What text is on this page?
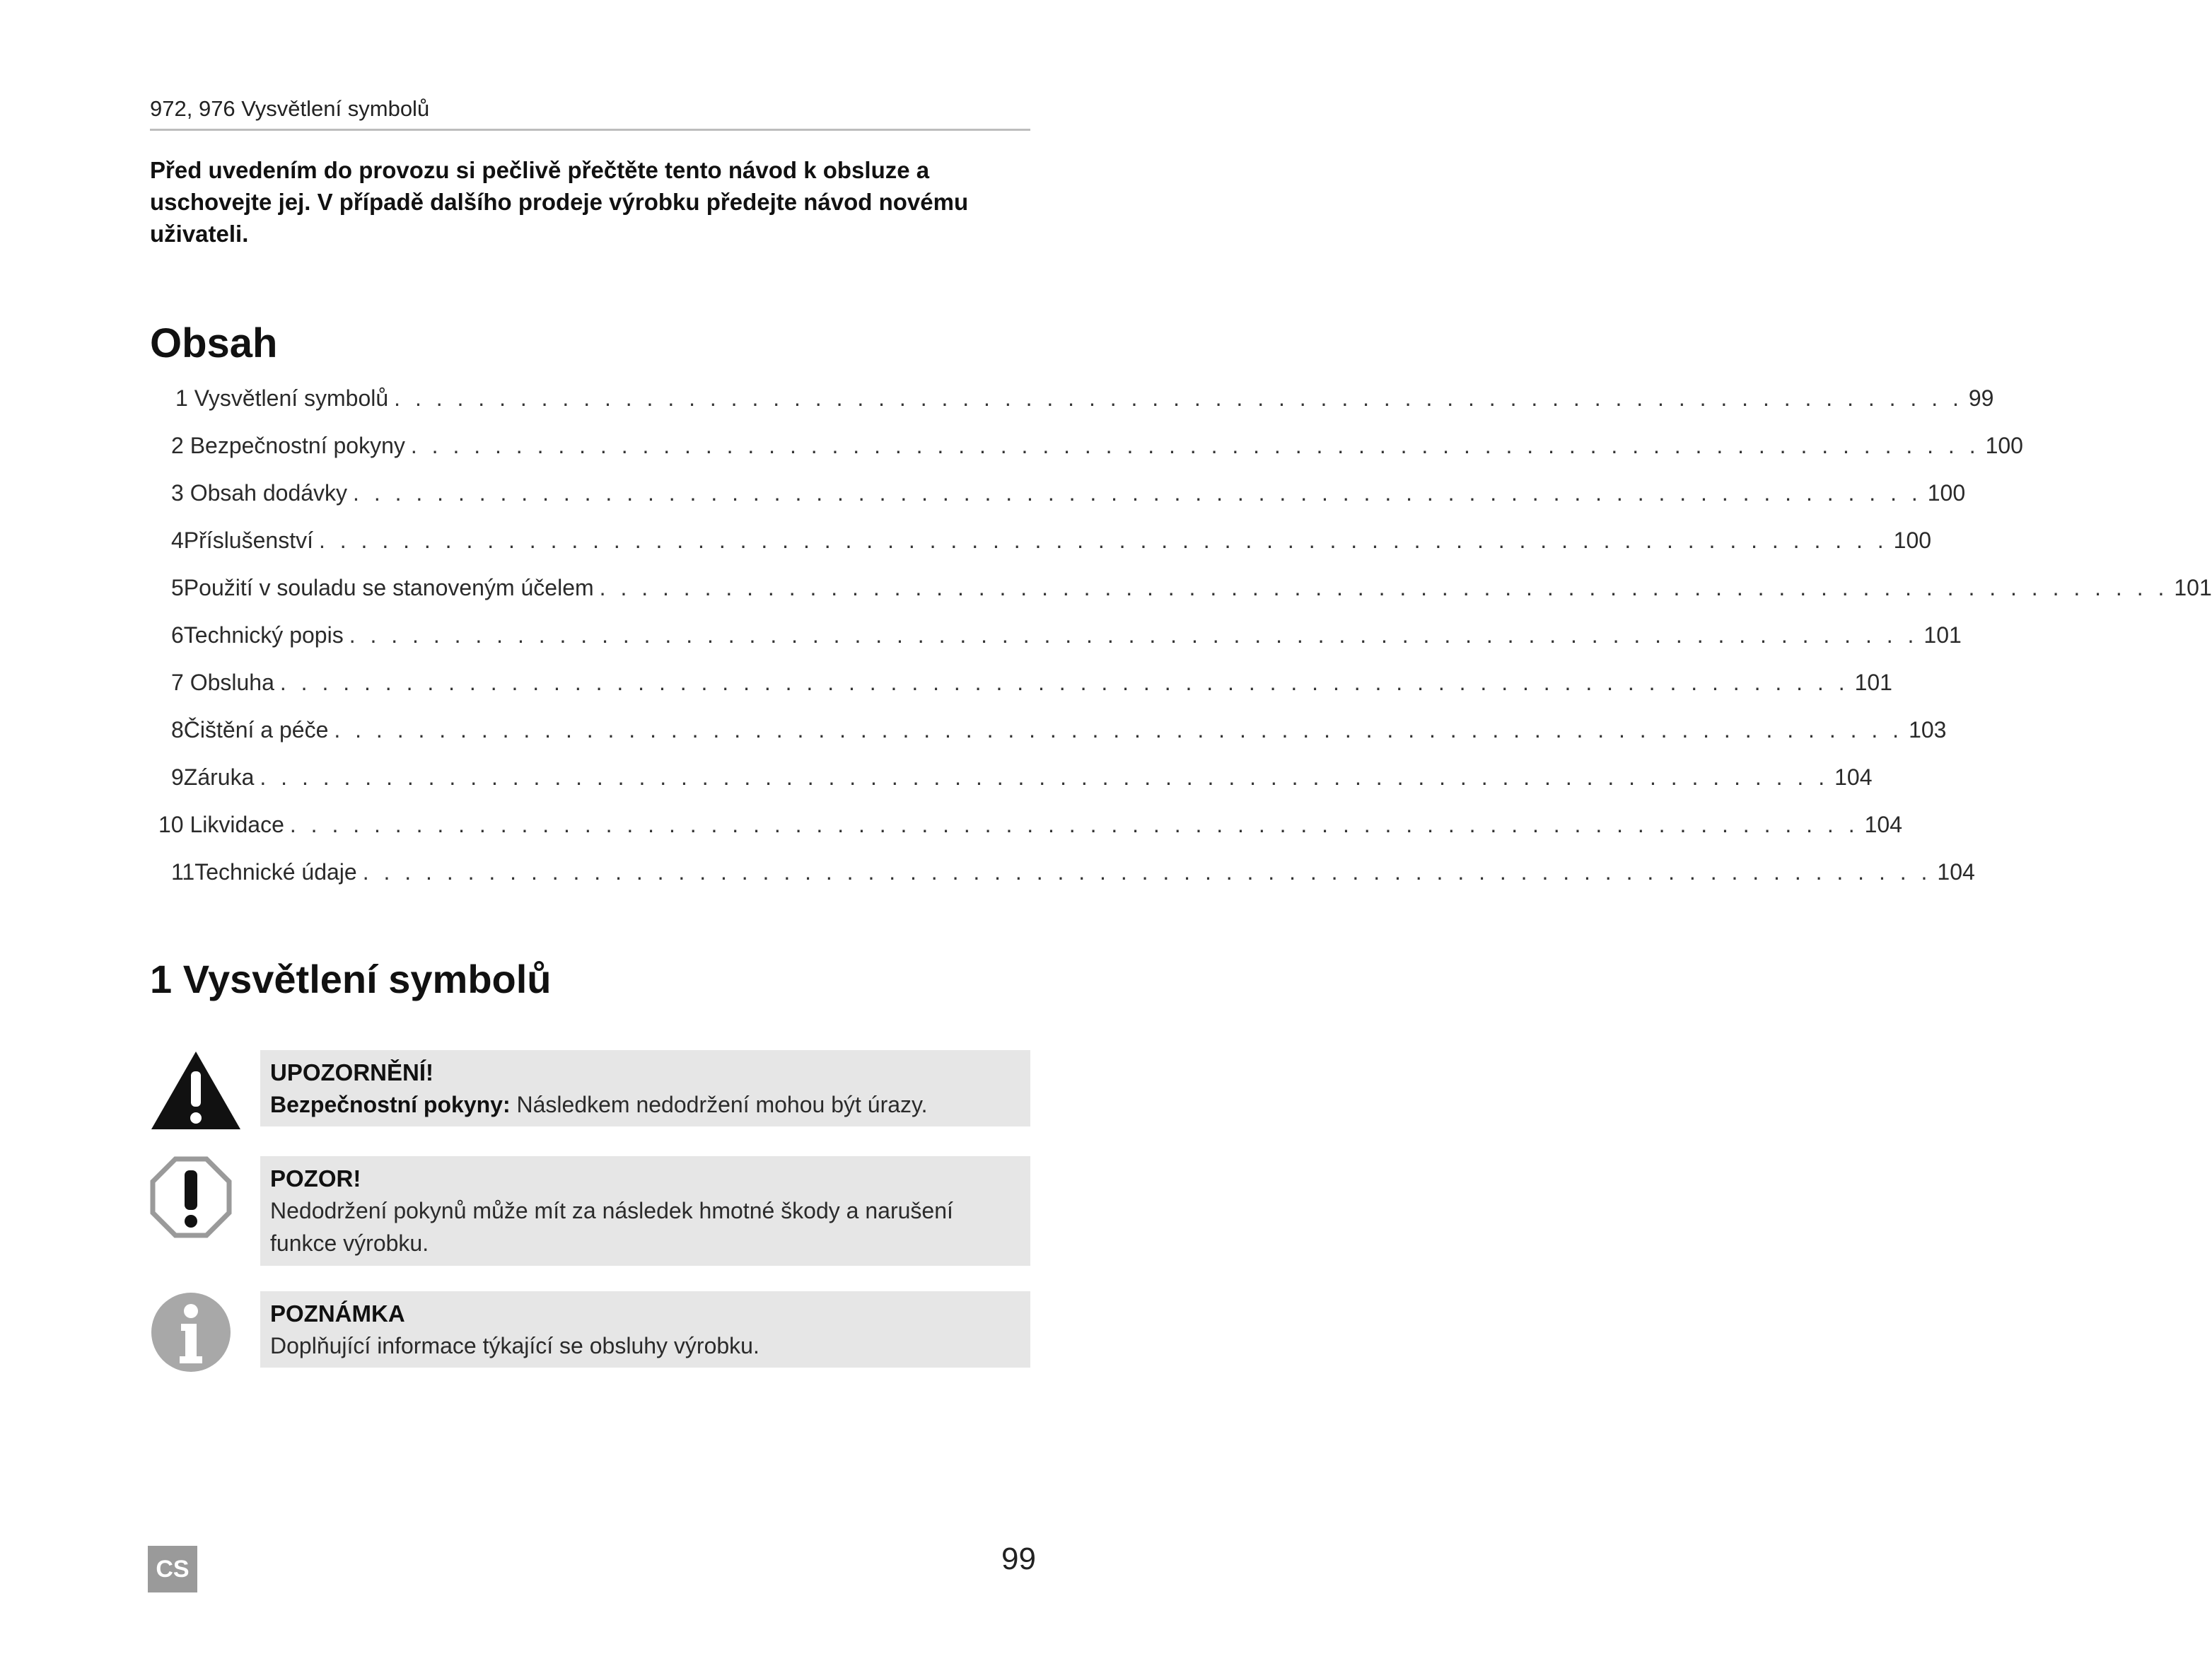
972, 976 Vysvětlení symbolů
Před uvedením do provozu si pečlivě přečtěte tento návod k obsluze a uschovejte jej. V případě dalšího prodeje výrobku předejte návod novému uživateli.
Obsah
1
Vysvětlení symbolů . . . . . . . . . . . . . . . . . . . . . . . . . . . . . . . . . . . . . . . . . . . . . . . . . . . . . . . . . . . . . . . . . . . . . . . . . . . 99
2
Bezpečnostní pokyny . . . . . . . . . . . . . . . . . . . . . . . . . . . . . . . . . . . . . . . . . . . . . . . . . . . . . . . . . . . . . . . . . . . . . . . . . . . 100
3
Obsah dodávky . . . . . . . . . . . . . . . . . . . . . . . . . . . . . . . . . . . . . . . . . . . . . . . . . . . . . . . . . . . . . . . . . . . . . . . . . . . 100
4 Příslušenství . . . . . . . . . . . . . . . . . . . . . . . . . . . . . . . . . . . . . . . . . . . . . . . . . . . . . . . . . . . . . . . . . . . . . . . . . . . 100
5 Použití v souladu se stanoveným účelem . . . . . . . . . . . . . . . . . . . . . . . . . . . . . . . . . . . . . . . . . . . . . . . . . . . . . . . . . . . . . . . . . . . . . . . . . . . 101
6 Technický popis . . . . . . . . . . . . . . . . . . . . . . . . . . . . . . . . . . . . . . . . . . . . . . . . . . . . . . . . . . . . . . . . . . . . . . . . . . . 101
7
Obsluha . . . . . . . . . . . . . . . . . . . . . . . . . . . . . . . . . . . . . . . . . . . . . . . . . . . . . . . . . . . . . . . . . . . . . . . . . . . 101
8 Čištění a péče . . . . . . . . . . . . . . . . . . . . . . . . . . . . . . . . . . . . . . . . . . . . . . . . . . . . . . . . . . . . . . . . . . . . . . . . . . . 103
9 Záruka . . . . . . . . . . . . . . . . . . . . . . . . . . . . . . . . . . . . . . . . . . . . . . . . . . . . . . . . . . . . . . . . . . . . . . . . . . . 104
10
Likvidace . . . . . . . . . . . . . . . . . . . . . . . . . . . . . . . . . . . . . . . . . . . . . . . . . . . . . . . . . . . . . . . . . . . . . . . . . . . 104
11 Technické údaje . . . . . . . . . . . . . . . . . . . . . . . . . . . . . . . . . . . . . . . . . . . . . . . . . . . . . . . . . . . . . . . . . . . . . . . . . . . 104
1 Vysvětlení symbolů
UPOZORNĚNÍ!
Bezpečnostní pokyny: Následkem nedodržení mohou být úrazy.
POZOR!
Nedodržení pokynů může mít za následek hmotné škody a narušení funkce výrobku.
POZNÁMKA
Doplňující informace týkající se obsluhy výrobku.
CS	99
